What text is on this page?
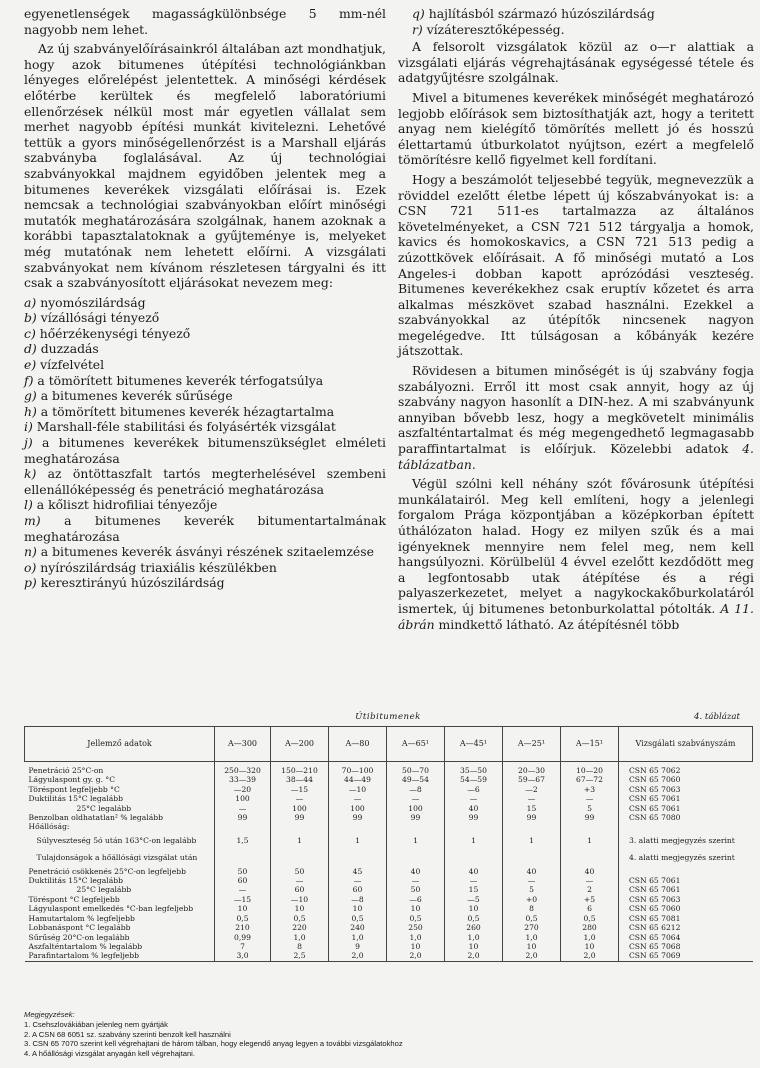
egyenetlenségek magasságkülönbsége 5 mm-nél nagyobb nem lehet.

Az új szabványelőírásainkról általában azt mondhatjuk, hogy azok bitumenes útépítési technológiánkban lényeges előrelépést jelentettek. A minőségi kérdések előtérbe kerültek és megfelelő laboratóriumi ellenőrzések nélkül most már egyetlen vállalat sem merhet nagyobb építési munkát kivitelezni. Lehetővé tettük a gyors minőségellenőrzést is a Marshall eljárás szabványba foglalásával. Az új technológiai szabványokkal majdnem egyidőben jelentek meg a bitumenes keverékek vizsgálati előírásai is. Ezek nemcsak a technológiai szabványokban előírt minőségi mutatók meghatározására szolgálnak, hanem azoknak a korábbi tapasztalatoknak a gyűjteménye is, melyeket még mutatónak nem lehetett előírni. A vizsgálati szabványokat nem kívánom részletesen tárgyalni és itt csak a szabványosított eljárásokat nevezem meg:

a) nyomószilárdság
b) vízállósági tényező
c) hőérzékenységi tényező
d) duzzadás
e) vízfelvétel
f) a tömörített bitumenes keverék térfogatsúlya
g) a bitumenes keverék sűrűsége
h) a tömörített bitumenes keverék hézagtartalma
i) Marshall-féle stabilitási és folyásérték vizsgálat
j) a bitumenes keverékek bitumenszükséglet elméleti meghatározása
k) az öntöttaszfalt tartós megterhelésével szembeni ellenállóképesség és penetráció meghatározása
l) a kőliszt hidrofiliai tényezője
m) a bitumenes keverék bitumentartalmának meghatározása
n) a bitumenes keverék ásványi részének szitaelemzése
o) nyírószilárdság triaxiális készülékben
p) keresztirányú húzószilárdság
q) hajlításból származó húzószilárdság
r) vízáteresztőképesség.

A felsorolt vizsgálatok közül az o—r alattiak a vizsgálati eljárás végrehajtásának egységessé tétele és adatgyűjtésre szolgálnak.

Mivel a bitumenes keverékek minőségét meghatározó legjobb előírások sem biztosíthatják azt, hogy a teritett anyag nem kielégítő tömörítés mellett jó és hosszú élettartamú útburkolatot nyújtson, ezért a megfelelő tömörítésre kellő figyelmet kell fordítani.

Hogy a beszámolót teljesebbé tegyük, megnevezzük a röviddel ezelőtt életbe lépett új kőszabványokat is: a CSN 721 511-es tartalmazza az általános követelményeket, a CSN 721 512 tárgyalja a homok, kavics és homokoskavics, a CSN 721 513 pedig a zúzottkövek előírásait. A fő minőségi mutató a Los Angeles-i dobban kapott aprózódási veszteség. Bitumenes keverékekhez csak eruptív kőzetet és arra alkalmas mészkövet szabad használni. Ezekkel a szabványokkal az útépítők nincsenek nagyon megelégedve. Itt túlságosan a kőbányák kezére játszottak.

Rövidesen a bitumen minőségét is új szabvány fogja szabályozni. Erről itt most csak annyit, hogy az új szabvány nagyon hasonlít a DIN-hez. A mi szabványunk annyiban bővebb lesz, hogy a megkövetelt minimális aszfalténtartalmat és még megengedhető legmagasabb paraffintartalmat is előírjuk. Közelebbi adatok 4. táblázatban.

Végül szólni kell néhány szót fővárosunk útépítési munkálatairól. Meg kell említeni, hogy a jelenlegi forgalom Prága központjában a középkorban épített úthálózaton halad. Hogy ez milyen szűk és a mai igényeknek mennyire nem felel meg, nem kell hangsúlyozni. Körülbelül 4 évvel ezelőtt kezdődött meg a legfontosabb utak átépítése és a régi palyaszerkezetet, melyet a nagykockakőburkolatáról ismertek, új bitumenes betonburkolattal pótolták. A 11. ábrán mindkettő látható. Az átépítésnél több

Útibitumenek	4. táblázat
Jellemző adatok	A—300	A—200	A—80	A—65¹	A—45¹	A—25¹	A—15¹	Vizsgálati szabványszám
Penetráció 25°C-on	250—320	150—210	70—100	50—70	35—50	20—30	10—20	CSN 65 7062
Lágyulaspont gy. g. °C	33—39	38—44	44—49	49—54	54—59	59—67	67—72	CSN 65 7060
Töréspont legfeljebb °C	—20	—15	—10	—8	—6	—2	+3	CSN 65 7063
Duktilitás 15°C legalább	100	—	—	—	—	—	—	CSN 65 7061
25°C legalább	—	100	100	100	40	15	5	CSN 65 7061
Benzolban oldhatatlan² % legalább	99	99	99	99	99	99	99	CSN 65 7080
Hőállóság:								
Súlyveszteség 5ó után 163°C-on legalább	1,5	1	1	1	1	1	1	3. alatti megjegyzés szerint
Tulajdonságok a hőállósági vizsgálat után								4. alatti megjegyzés szerint
Penetráció csökkenés 25°C-on legfeljebb	50	50	45	40	40	40	40	
Duktilitás 15°C legalább	60	—	—	—	—	—	—	CSN 65 7061
25°C legalább	—	60	60	50	15	5	2	CSN 65 7061
Töréspont °C legfeljebb	—15	—10	—8	—6	—5	+0	+5	CSN 65 7063
Lágyulaspont emelkedés °C-ban legfeljebb	10	10	10	10	10	8	6	CSN 65 7060
Hamutartalom % legfeljebb	0,5	0,5	0,5	0,5	0,5	0,5	0,5	CSN 65 7081
Lobbanáspont °C legalább	210	220	240	250	260	270	280	CSN 65 6212
Sűrűség 20°C-on legalább	0,99	1,0	1,0	1,0	1,0	1,0	1,0	CSN 65 7064
Aszfalténtartalom % legalább	7	8	9	10	10	10	10	CSN 65 7068
Parafintartalom % legfeljebb	3,0	2,5	2,0	2,0	2,0	2,0	2,0	CSN 65 7069
Megjegyzések:
1. Csehszlovákiában jelenleg nem gyártják
2. A CSN 68 6051 sz. szabvány szerinti benzolt kell használni
3. CSN 65 7070 szerint kell végrehajtani de három tálban, hogy elegendő anyag legyen a további vizsgálatokhoz
4. A hőállósági vizsgálat anyagán kell végrehajtani.
